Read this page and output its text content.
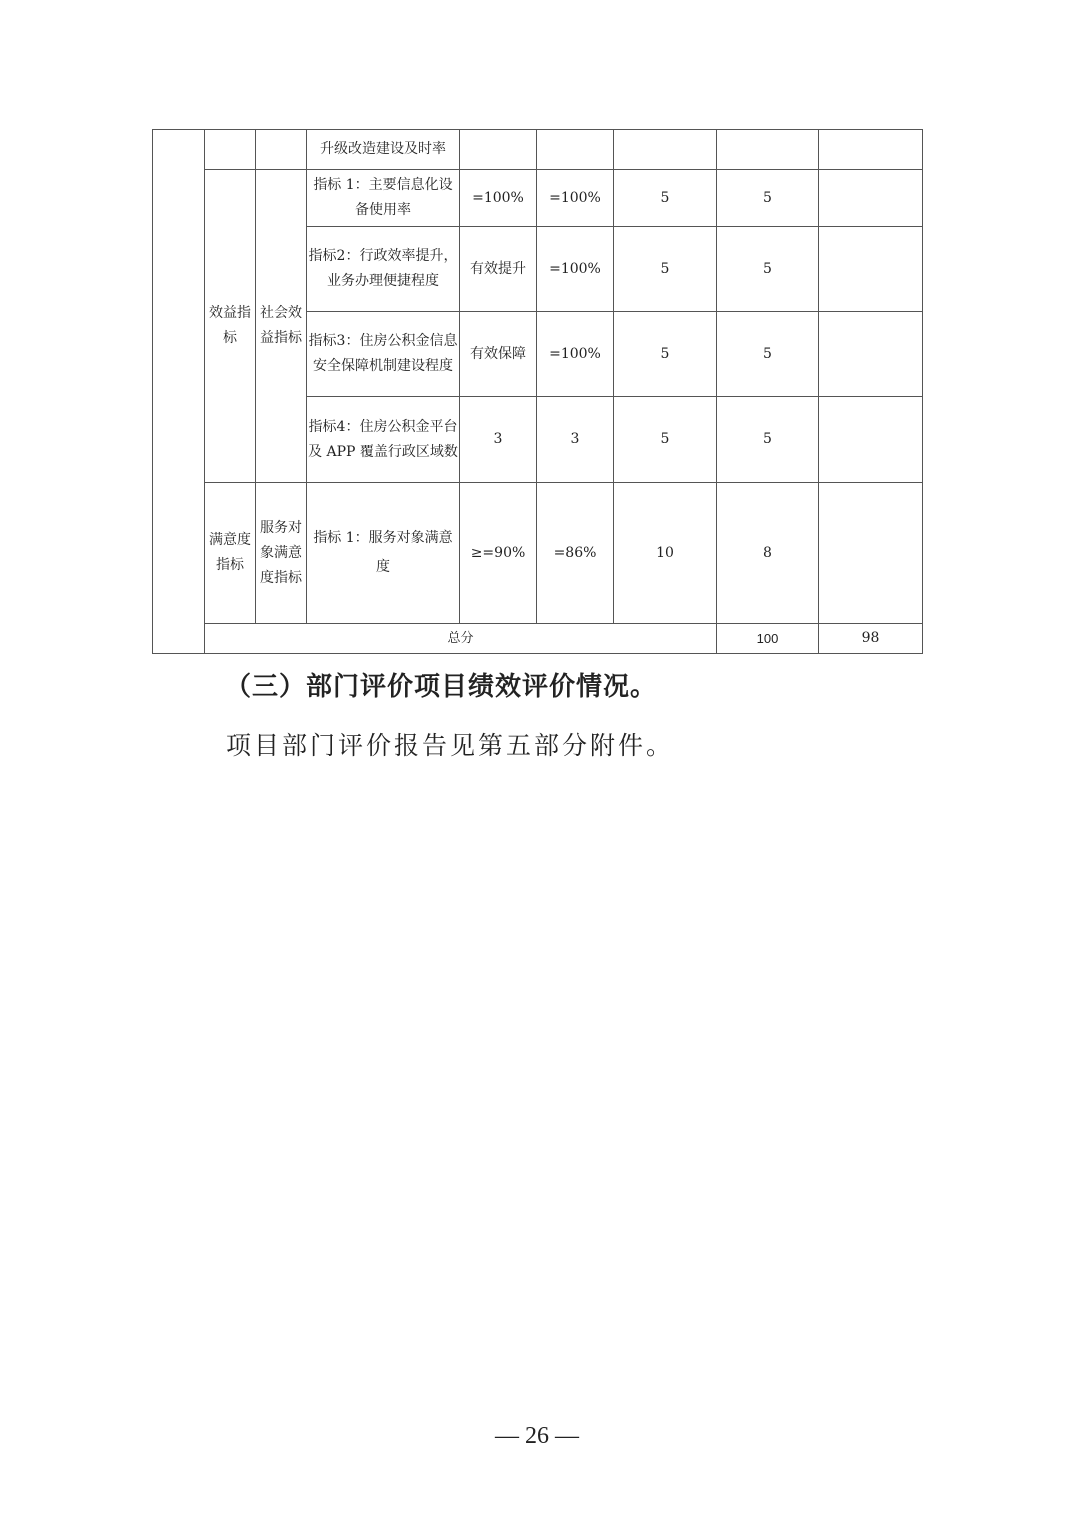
			升级改造建设及时率						
	效益指标	社会效益指标	指标 1：主要信息化设备使用率	=100%	=100%	5	5		
			指标2：行政效率提升，业务办理便捷程度	有效提升	=100%	5	5		
			指标3：住房公积金信息安全保障机制建设程度	有效保障	=100%	5	5		
			指标4：住房公积金平台及 APP 覆盖行政区域数	3	3	5	5		
	满意度指标	服务对象满意度指标	指标 1：服务对象满意度	≥=90%	=86%	10	8		
	总分						100	98	
（三）部门评价项目绩效评价情况。
项目部门评价报告见第五部分附件。
— 26 —
